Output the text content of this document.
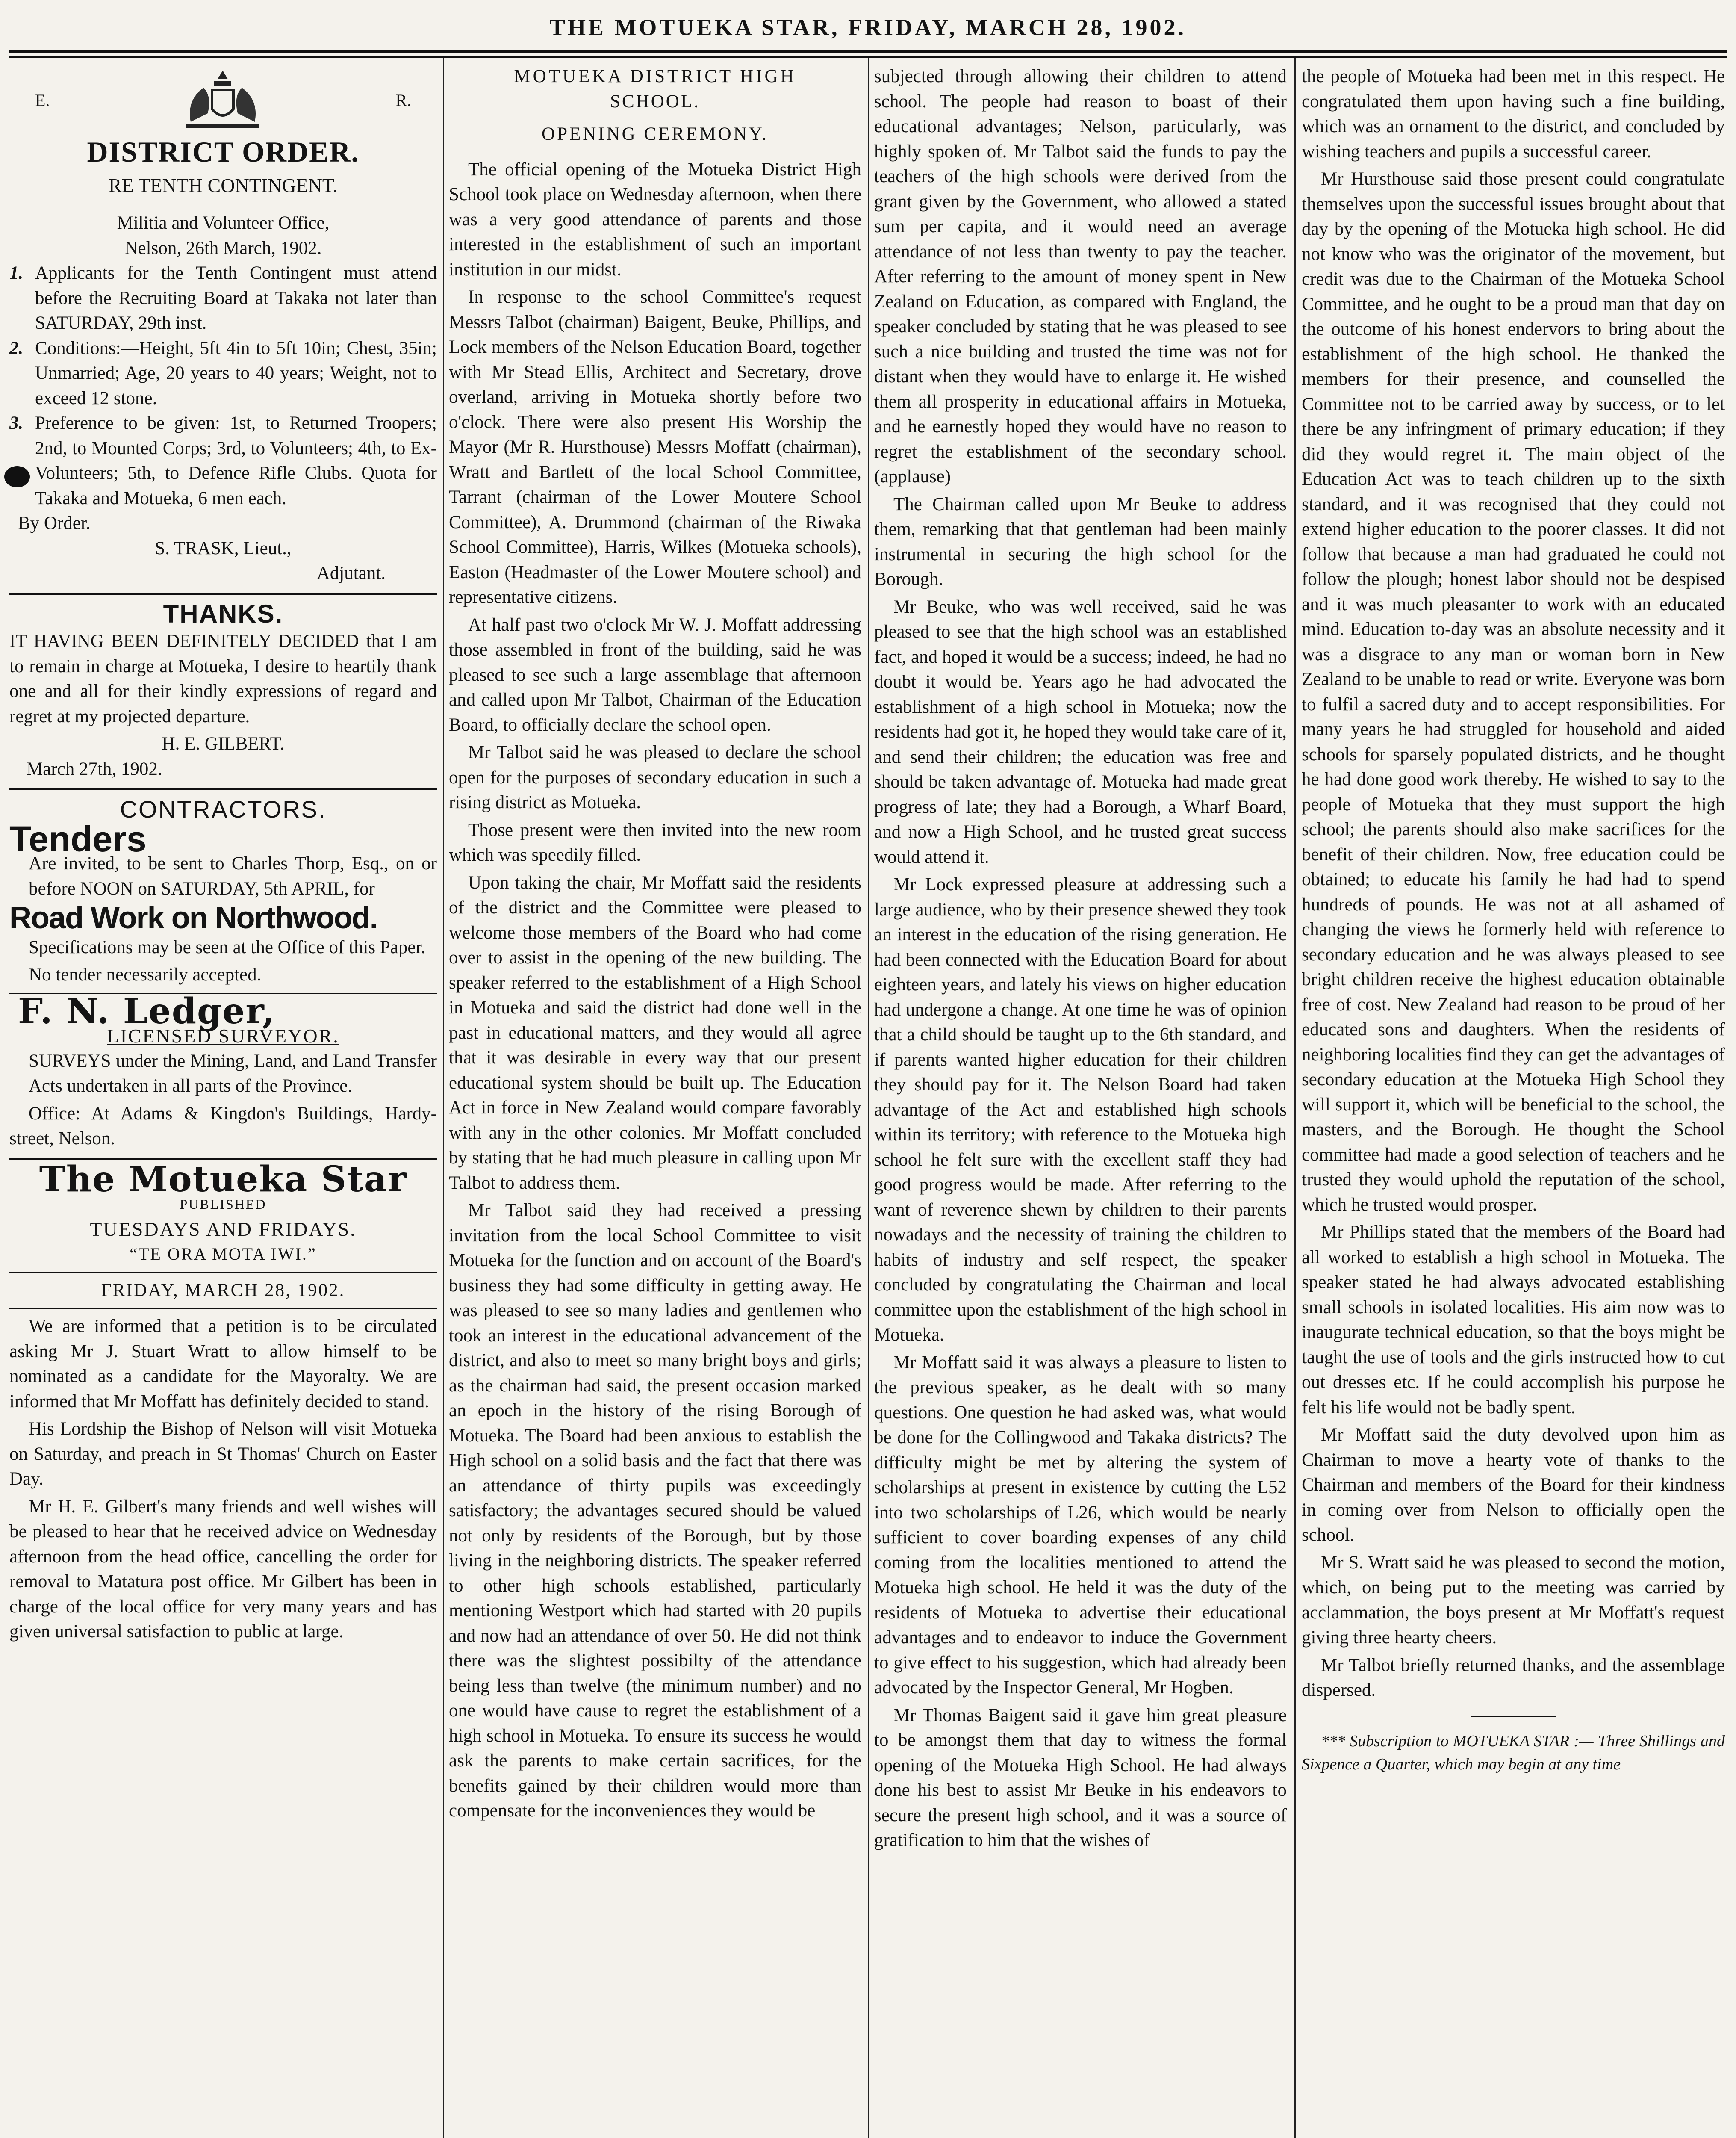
THE MOTUEKA STAR, FRIDAY, MARCH 28, 1902.
E.	R.
DISTRICT ORDER.
RE TENTH CONTINGENT.
Militia and Volunteer Office,
Nelson, 26th March, 1902.
1. Applicants for the Tenth Contingent must attend before the Recruiting Board at Takaka not later than SATURDAY, 29th inst.
2. Conditions:—Height, 5ft 4in to 5ft 10in; Chest, 35in; Unmarried; Age, 20 years to 40 years; Weight, not to exceed 12 stone.
3. Preference to be given: 1st, to Returned Troopers; 2nd, to Mounted Corps; 3rd, to Volunteers; 4th, to Ex-Volunteers; 5th, to Defence Rifle Clubs. Quota for Takaka and Motueka, 6 men each.
By Order.
S. TRASK, Lieut.,
Adjutant.
THANKS.

IT HAVING BEEN DEFINITELY DECIDED that I am to remain in charge at Motueka, I desire to heartily thank one and all for their kindly expressions of regard and regret at my projected departure.

H. E. GILBERT.
March 27th, 1902.
CONTRACTORS.
Tenders

Are invited, to be sent to Charles Thorp, Esq., on or before NOON on SATURDAY, 5th APRIL, for

Road Work on Northwood.

Specifications may be seen at the Office of this Paper.

No tender necessarily accepted.

F. N. Ledger,
LICENSED SURVEYOR.

SURVEYS under the Mining, Land, and Land Transfer Acts undertaken in all parts of the Province.

Office: At Adams & Kingdon's Buildings, Hardy-street, Nelson.

The Motueka Star
PUBLISHED
TUESDAYS AND FRIDAYS.
“TE ORA MOTA IWI.”
FRIDAY, MARCH 28, 1902.

We are informed that a petition is to be circulated asking Mr J. Stuart Wratt to allow himself to be nominated as a candidate for the Mayoralty. We are informed that Mr Moffatt has definitely decided to stand.

His Lordship the Bishop of Nelson will visit Motueka on Saturday, and preach in St Thomas' Church on Easter Day.

Mr H. E. Gilbert's many friends and well wishes will be pleased to hear that he received advice on Wednesday afternoon from the head office, cancelling the order for removal to Matatura post office. Mr Gilbert has been in charge of the local office for very many years and has given universal satisfaction to public at large.

MOTUEKA DISTRICT HIGH
SCHOOL.
OPENING CEREMONY.

The official opening of the Motueka District High School took place on Wednesday afternoon, when there was a very good attendance of parents and those interested in the establishment of such an important institution in our midst.

In response to the school Committee's request Messrs Talbot (chairman) Baigent, Beuke, Phillips, and Lock members of the Nelson Education Board, together with Mr Stead Ellis, Architect and Secretary, drove overland, arriving in Motueka shortly before two o'clock. There were also present His Worship the Mayor (Mr R. Hursthouse) Messrs Moffatt (chairman), Wratt and Bartlett of the local School Committee, Tarrant (chairman of the Lower Moutere School Committee), A. Drummond (chairman of the Riwaka School Committee), Harris, Wilkes (Motueka schools), Easton (Headmaster of the Lower Moutere school) and representative citizens.

At half past two o'clock Mr W. J. Moffatt addressing those assembled in front of the building, said he was pleased to see such a large assemblage that afternoon and called upon Mr Talbot, Chairman of the Education Board, to officially declare the school open.

Mr Talbot said he was pleased to declare the school open for the purposes of secondary education in such a rising district as Motueka.

Those present were then invited into the new room which was speedily filled.

Upon taking the chair, Mr Moffatt said the residents of the district and the Committee were pleased to welcome those members of the Board who had come over to assist in the opening of the new building. The speaker referred to the establishment of a High School in Motueka and said the district had done well in the past in educational matters, and they would all agree that it was desirable in every way that our present educational system should be built up. The Education Act in force in New Zealand would compare favorably with any in the other colonies. Mr Moffatt concluded by stating that he had much pleasure in calling upon Mr Talbot to address them.

Mr Talbot said they had received a pressing invitation from the local School Committee to visit Motueka for the function and on account of the Board's business they had some difficulty in getting away. He was pleased to see so many ladies and gentlemen who took an interest in the educational advancement of the district, and also to meet so many bright boys and girls; as the chairman had said, the present occasion marked an epoch in the history of the rising Borough of Motueka. The Board had been anxious to establish the High school on a solid basis and the fact that there was an attendance of thirty pupils was exceedingly satisfactory; the advantages secured should be valued not only by residents of the Borough, but by those living in the neighboring districts. The speaker referred to other high schools established, particularly mentioning Westport which had started with 20 pupils and now had an attendance of over 50. He did not think there was the slightest possibilty of the attendance being less than twelve (the minimum number) and no one would have cause to regret the establishment of a high school in Motueka. To ensure its success he would ask the parents to make certain sacrifices, for the benefits gained by their children would more than compensate for the inconveniences they would be

subjected through allowing their children to attend school. The people had reason to boast of their educational advantages; Nelson, particularly, was highly spoken of. Mr Talbot said the funds to pay the teachers of the high schools were derived from the grant given by the Government, who allowed a stated sum per capita, and it would need an average attendance of not less than twenty to pay the teacher. After referring to the amount of money spent in New Zealand on Education, as compared with England, the speaker concluded by stating that he was pleased to see such a nice building and trusted the time was not for distant when they would have to enlarge it. He wished them all prosperity in educational affairs in Motueka, and he earnestly hoped they would have no reason to regret the establishment of the secondary school. (applause)

The Chairman called upon Mr Beuke to address them, remarking that that gentleman had been mainly instrumental in securing the high school for the Borough.

Mr Beuke, who was well received, said he was pleased to see that the high school was an established fact, and hoped it would be a success; indeed, he had no doubt it would be. Years ago he had advocated the establishment of a high school in Motueka; now the residents had got it, he hoped they would take care of it, and send their children; the education was free and should be taken advantage of. Motueka had made great progress of late; they had a Borough, a Wharf Board, and now a High School, and he trusted great success would attend it.

Mr Lock expressed pleasure at addressing such a large audience, who by their presence shewed they took an interest in the education of the rising generation. He had been connected with the Education Board for about eighteen years, and lately his views on higher education had undergone a change. At one time he was of opinion that a child should be taught up to the 6th standard, and if parents wanted higher education for their children they should pay for it. The Nelson Board had taken advantage of the Act and established high schools within its territory; with reference to the Motueka high school he felt sure with the excellent staff they had good progress would be made. After referring to the want of reverence shewn by children to their parents nowadays and the necessity of training the children to habits of industry and self respect, the speaker concluded by congratulating the Chairman and local committee upon the establishment of the high school in Motueka.

Mr Moffatt said it was always a pleasure to listen to the previous speaker, as he dealt with so many questions. One question he had asked was, what would be done for the Collingwood and Takaka districts? The difficulty might be met by altering the system of scholarships at present in existence by cutting the L52 into two scholarships of L26, which would be nearly sufficient to cover boarding expenses of any child coming from the localities mentioned to attend the Motueka high school. He held it was the duty of the residents of Motueka to advertise their educational advantages and to endeavor to induce the Government to give effect to his suggestion, which had already been advocated by the Inspector General, Mr Hogben.

Mr Thomas Baigent said it gave him great pleasure to be amongst them that day to witness the formal opening of the Motueka High School. He had always done his best to assist Mr Beuke in his endeavors to secure the present high school, and it was a source of gratification to him that the wishes of

the people of Motueka had been met in this respect. He congratulated them upon having such a fine building, which was an ornament to the district, and concluded by wishing teachers and pupils a successful career.

Mr Hursthouse said those present could congratulate themselves upon the successful issues brought about that day by the opening of the Motueka high school. He did not know who was the originator of the movement, but credit was due to the Chairman of the Motueka School Committee, and he ought to be a proud man that day on the outcome of his honest endervors to bring about the establishment of the high school. He thanked the members for their presence, and counselled the Committee not to be carried away by success, or to let there be any infringment of primary education; if they did they would regret it. The main object of the Education Act was to teach children up to the sixth standard, and it was recognised that they could not extend higher education to the poorer classes. It did not follow that because a man had graduated he could not follow the plough; honest labor should not be despised and it was much pleasanter to work with an educated mind. Education to-day was an absolute necessity and it was a disgrace to any man or woman born in New Zealand to be unable to read or write. Everyone was born to fulfil a sacred duty and to accept responsibilities. For many years he had struggled for household and aided schools for sparsely populated districts, and he thought he had done good work thereby. He wished to say to the people of Motueka that they must support the high school; the parents should also make sacrifices for the benefit of their children. Now, free education could be obtained; to educate his family he had had to spend hundreds of pounds. He was not at all ashamed of changing the views he formerly held with reference to secondary education and he was always pleased to see bright children receive the highest education obtainable free of cost. New Zealand had reason to be proud of her educated sons and daughters. When the residents of neighboring localities find they can get the advantages of secondary education at the Motueka High School they will support it, which will be beneficial to the school, the masters, and the Borough. He thought the School committee had made a good selection of teachers and he trusted they would uphold the reputation of the school, which he trusted would prosper.

Mr Phillips stated that the members of the Board had all worked to establish a high school in Motueka. The speaker stated he had always advocated establishing small schools in isolated localities. His aim now was to inaugurate technical education, so that the boys might be taught the use of tools and the girls instructed how to cut out dresses etc. If he could accomplish his purpose he felt his life would not be badly spent.

Mr Moffatt said the duty devolved upon him as Chairman to move a hearty vote of thanks to the Chairman and members of the Board for their kindness in coming over from Nelson to officially open the school.

Mr S. Wratt said he was pleased to second the motion, which, on being put to the meeting was carried by acclammation, the boys present at Mr Moffatt's request giving three hearty cheers.

Mr Talbot briefly returned thanks, and the assemblage dispersed.

*** Subscription to MOTUEKA STAR :— Three Shillings and Sixpence a Quarter, which may begin at any time
